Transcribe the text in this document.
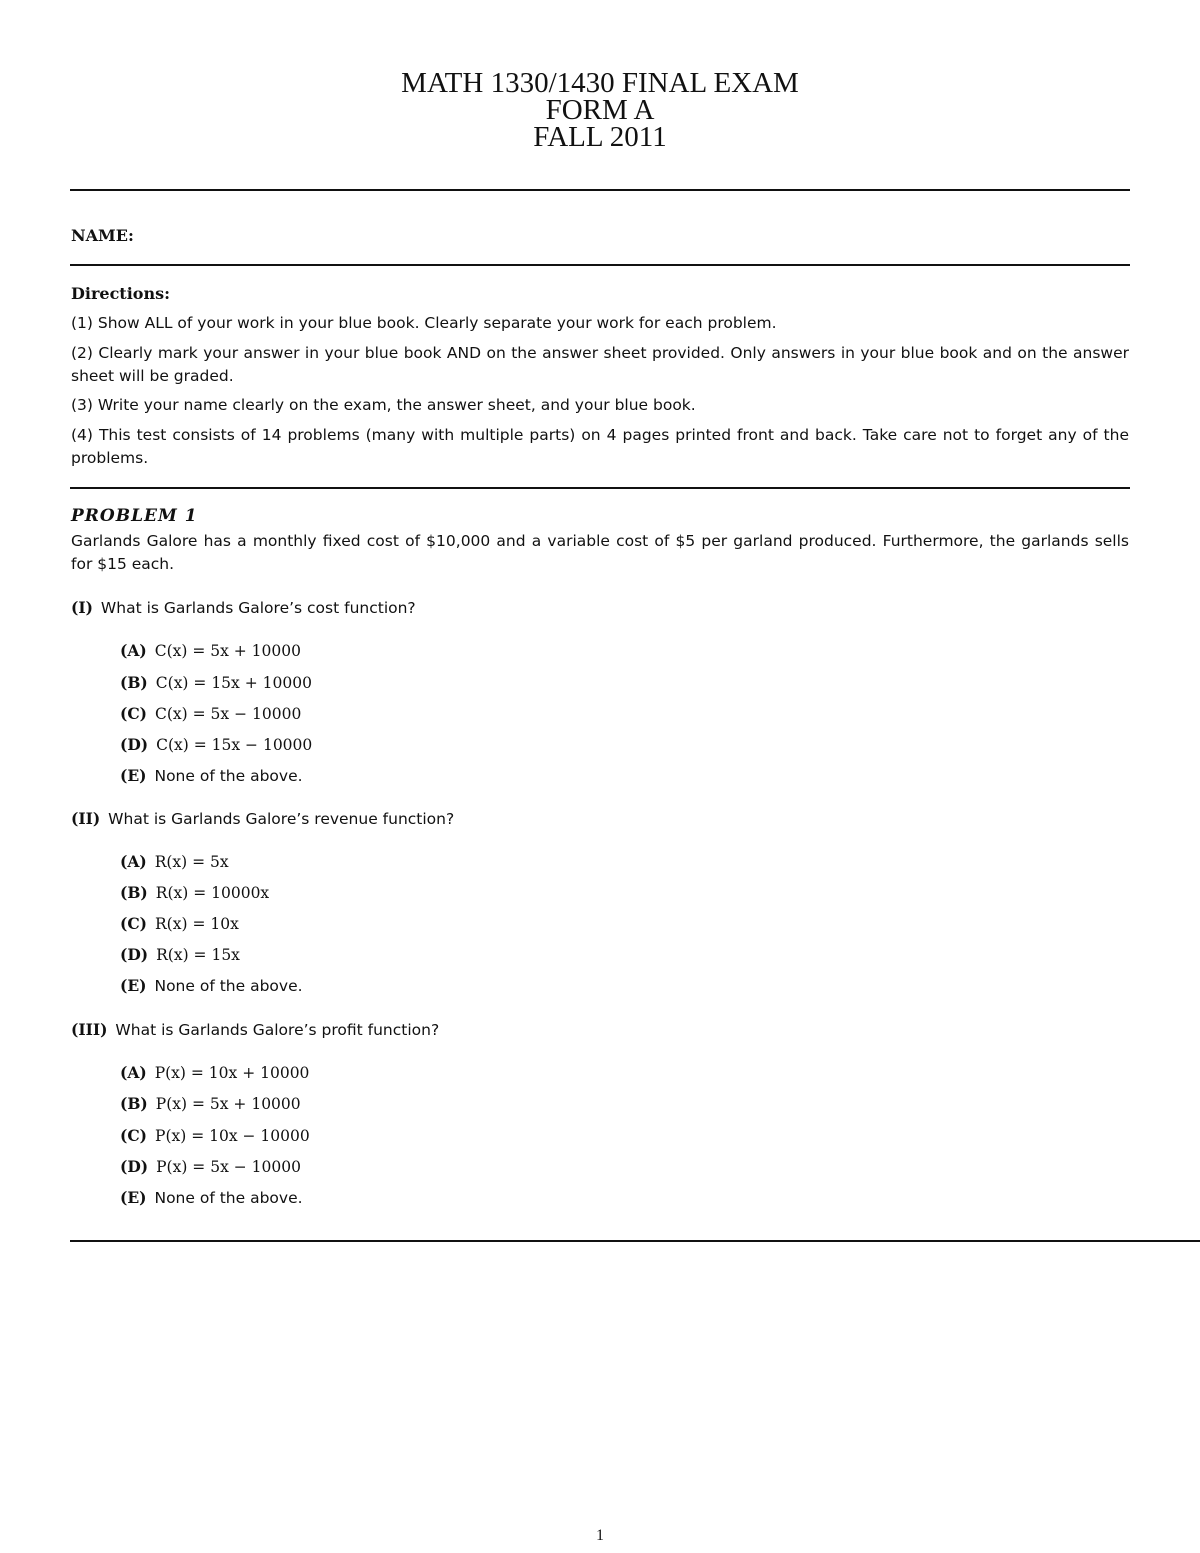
MATH 1330/1430 FINAL EXAM
FORM A
FALL 2011
NAME:
Directions:
(1) Show ALL of your work in your blue book. Clearly separate your work for each problem.
(2) Clearly mark your answer in your blue book AND on the answer sheet provided. Only answers in your blue book and on the answer sheet will be graded.
(3) Write your name clearly on the exam, the answer sheet, and your blue book.
(4) This test consists of 14 problems (many with multiple parts) on 4 pages printed front and back. Take care not to forget any of the problems.
PROBLEM 1
Garlands Galore has a monthly fixed cost of $10,000 and a variable cost of $5 per garland produced. Furthermore, the garlands sells for $15 each.
(I) What is Garlands Galore’s cost function?
(A) C(x) = 5x + 10000
(B) C(x) = 15x + 10000
(C) C(x) = 5x − 10000
(D) C(x) = 15x − 10000
(E) None of the above.
(II) What is Garlands Galore’s revenue function?
(A) R(x) = 5x
(B) R(x) = 10000x
(C) R(x) = 10x
(D) R(x) = 15x
(E) None of the above.
(III) What is Garlands Galore’s profit function?
(A) P(x) = 10x + 10000
(B) P(x) = 5x + 10000
(C) P(x) = 10x − 10000
(D) P(x) = 5x − 10000
(E) None of the above.
1
